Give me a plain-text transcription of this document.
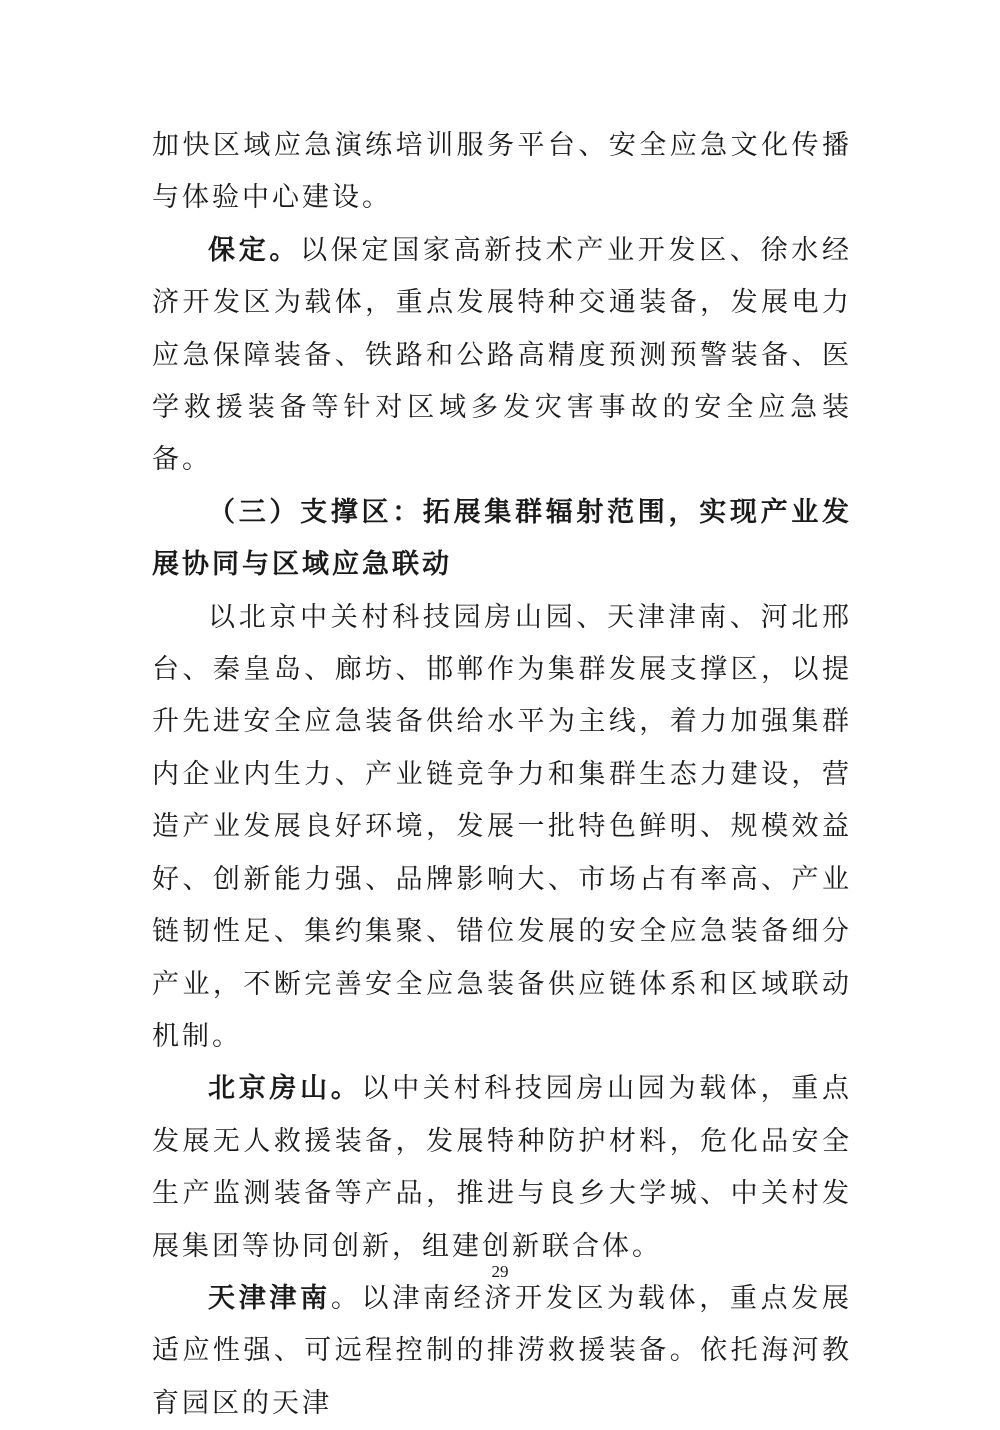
加快区域应急演练培训服务平台、安全应急文化传播与体验中心建设。

保定。以保定国家高新技术产业开发区、徐水经济开发区为载体，重点发展特种交通装备，发展电力应急保障装备、铁路和公路高精度预测预警装备、医学救援装备等针对区域多发灾害事故的安全应急装备。

（三）支撑区：拓展集群辐射范围，实现产业发展协同与区域应急联动

以北京中关村科技园房山园、天津津南、河北邢台、秦皇岛、廊坊、邯郸作为集群发展支撑区，以提升先进安全应急装备供给水平为主线，着力加强集群内企业内生力、产业链竞争力和集群生态力建设，营造产业发展良好环境，发展一批特色鲜明、规模效益好、创新能力强、品牌影响大、市场占有率高、产业链韧性足、集约集聚、错位发展的安全应急装备细分产业，不断完善安全应急装备供应链体系和区域联动机制。

北京房山。以中关村科技园房山园为载体，重点发展无人救援装备，发展特种防护材料，危化品安全生产监测装备等产品，推进与良乡大学城、中关村发展集团等协同创新，组建创新联合体。

天津津南。以津南经济开发区为载体，重点发展适应性强、可远程控制的排涝救援装备。依托海河教育园区的天津

29
